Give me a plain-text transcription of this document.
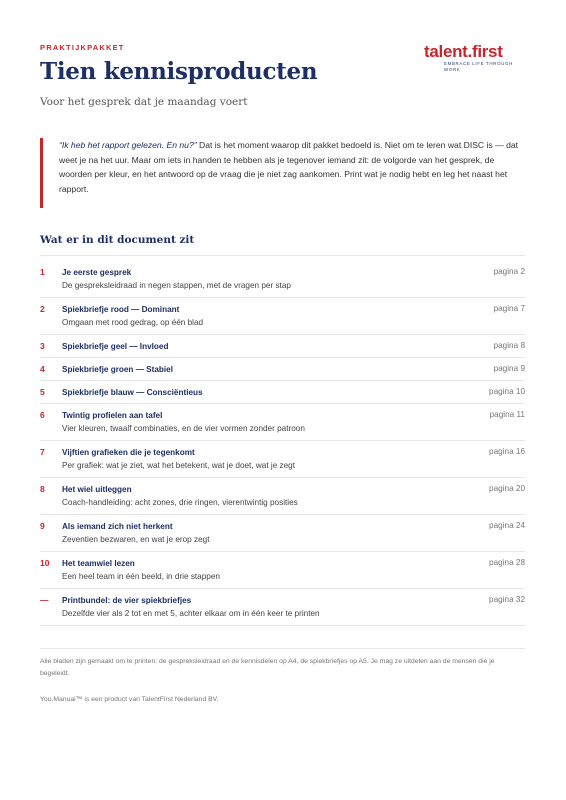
PRAKTIJKPAKKET
Tien kennisproducten
Voor het gesprek dat je maandag voert
talent.first
EMBRACE LIFE THROUGH WORK
“Ik heb het rapport gelezen. En nu?” Dat is het moment waarop dit pakket bedoeld is. Niet om te leren wat DISC is — dat weet je na het uur. Maar om iets in handen te hebben als je tegenover iemand zit: de volgorde van het gesprek, de woorden per kleur, en het antwoord op de vraag die je niet zag aankomen. Print wat je nodig hebt en leg het naast het rapport.
Wat er in dit document zit
1 Je eerste gesprek
De gespreksleidraad in negen stappen, met de vragen per stap
pagina 2
2 Spiekbriefje rood — Dominant
Omgaan met rood gedrag, op één blad
pagina 7
3 Spiekbriefje geel — Invloed	pagina 8
4 Spiekbriefje groen — Stabiel	pagina 9
5 Spiekbriefje blauw — Consciëntieus	pagina 10
6 Twintig profielen aan tafel
Vier kleuren, twaalf combinaties, en de vier vormen zonder patroon
pagina 11
7 Vijftien grafieken die je tegenkomt
Per grafiek: wat je ziet, wat het betekent, wat je doet, wat je zegt
pagina 16
8 Het wiel uitleggen
Coach-handleiding: acht zones, drie ringen, vierentwintig posities
pagina 20
9 Als iemand zich niet herkent
Zeventien bezwaren, en wat je erop zegt
pagina 24
10 Het teamwiel lezen
Een heel team in één beeld, in drie stappen
pagina 28
— Printbundel: de vier spiekbriefjes
Dezelfde vier als 2 tot en met 5, achter elkaar om in één keer te printen
pagina 32

Alle bladen zijn gemaakt om te printen: de gespreksleidraad en de kennisdelen op A4, de spiekbriefjes op A5. Je mag ze uitdelen aan de mensen die je begeleidt.

You.Manual™ is een product van TalentFirst Nederland BV.
